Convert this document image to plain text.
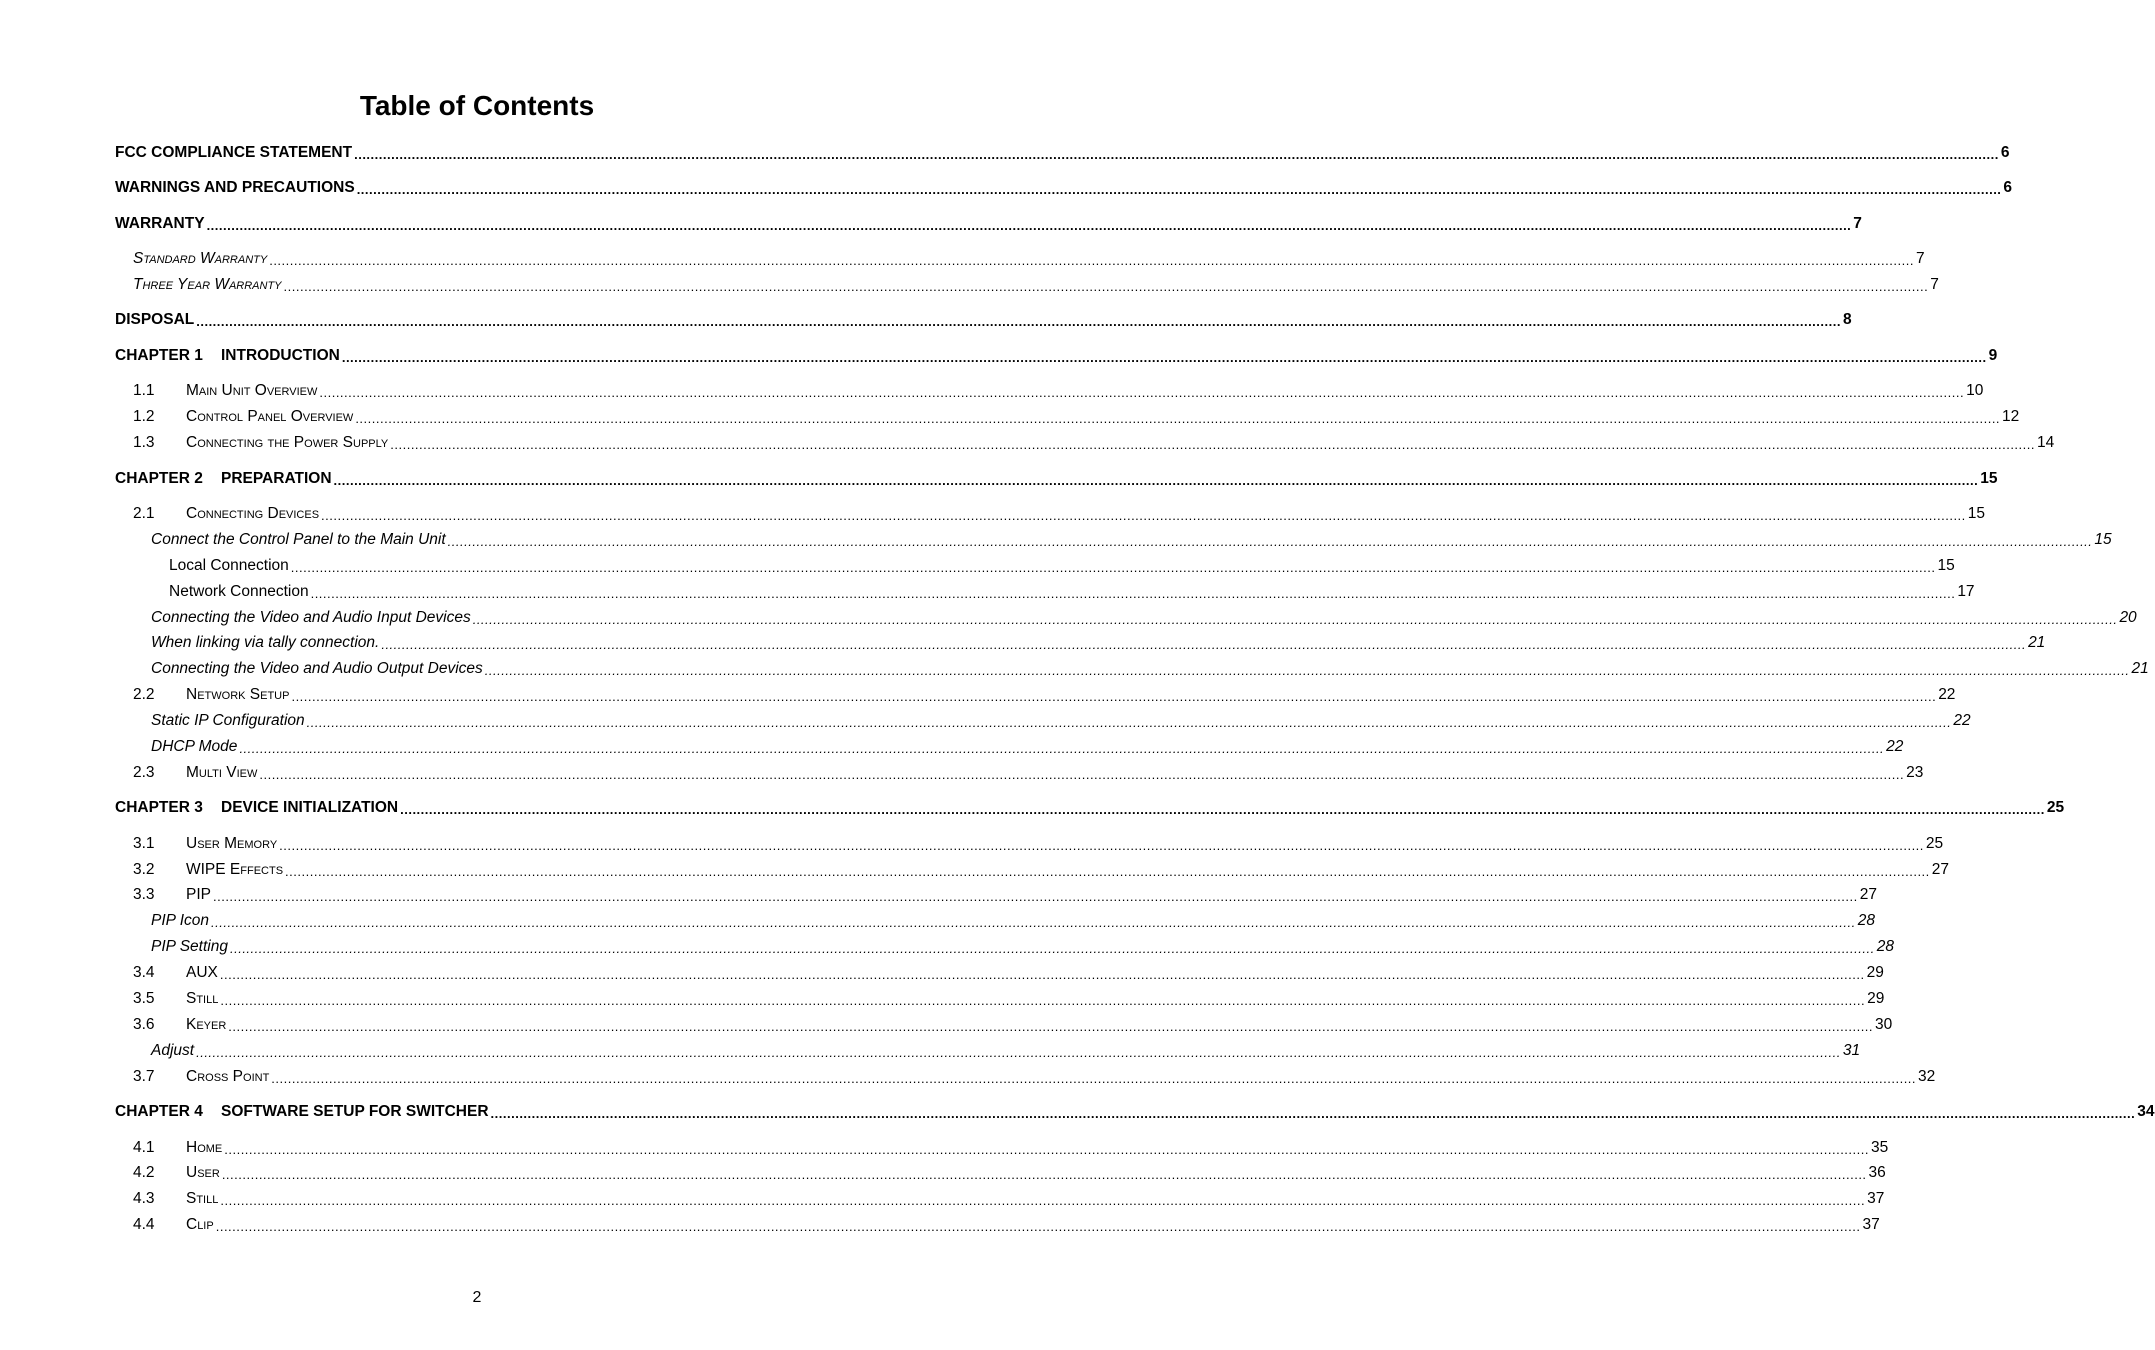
Table of Contents
FCC COMPLIANCE STATEMENT ................................................................................................................................................................................................................................................................................................................................................................................................................ 6
WARNINGS AND PRECAUTIONS ................................................................................................................................................................................................................................................................................................................................................................................................................ 6
WARRANTY ................................................................................................................................................................................................................................................................................................................................................................................................................ 7
Standard Warranty ................................................................................................................................................................................................................................................................................................................................................................................................................ 7
Three Year Warranty ................................................................................................................................................................................................................................................................................................................................................................................................................ 7
DISPOSAL ................................................................................................................................................................................................................................................................................................................................................................................................................ 8
CHAPTER 1	INTRODUCTION ................................................................................................................................................................................................................................................................................................................................................................................................................ 9
1.1	Main Unit Overview ................................................................................................................................................................................................................................................................................................................................................................................................................ 10
1.2	Control Panel Overview ................................................................................................................................................................................................................................................................................................................................................................................................................ 12
1.3	Connecting the Power Supply ................................................................................................................................................................................................................................................................................................................................................................................................................ 14
CHAPTER 2	PREPARATION ................................................................................................................................................................................................................................................................................................................................................................................................................ 15
2.1	Connecting Devices ................................................................................................................................................................................................................................................................................................................................................................................................................ 15
Connect the Control Panel to the Main Unit ................................................................................................................................................................................................................................................................................................................................................................................................................ 15
Local Connection ................................................................................................................................................................................................................................................................................................................................................................................................................ 15
Network Connection ................................................................................................................................................................................................................................................................................................................................................................................................................ 17
Connecting the Video and Audio Input Devices ................................................................................................................................................................................................................................................................................................................................................................................................................ 20
When linking via tally connection. ................................................................................................................................................................................................................................................................................................................................................................................................................ 21
Connecting the Video and Audio Output Devices ................................................................................................................................................................................................................................................................................................................................................................................................................ 21
2.2	Network Setup ................................................................................................................................................................................................................................................................................................................................................................................................................ 22
Static IP Configuration ................................................................................................................................................................................................................................................................................................................................................................................................................ 22
DHCP Mode ................................................................................................................................................................................................................................................................................................................................................................................................................ 22
2.3	Multi View ................................................................................................................................................................................................................................................................................................................................................................................................................ 23
CHAPTER 3	DEVICE INITIALIZATION ................................................................................................................................................................................................................................................................................................................................................................................................................ 25
3.1	User Memory ................................................................................................................................................................................................................................................................................................................................................................................................................ 25
3.2	WIPE Effects ................................................................................................................................................................................................................................................................................................................................................................................................................ 27
3.3	PIP ................................................................................................................................................................................................................................................................................................................................................................................................................ 27
PIP Icon ................................................................................................................................................................................................................................................................................................................................................................................................................ 28
PIP Setting ................................................................................................................................................................................................................................................................................................................................................................................................................ 28
3.4	AUX ................................................................................................................................................................................................................................................................................................................................................................................................................ 29
3.5	Still ................................................................................................................................................................................................................................................................................................................................................................................................................ 29
3.6	Keyer ................................................................................................................................................................................................................................................................................................................................................................................................................ 30
Adjust ................................................................................................................................................................................................................................................................................................................................................................................................................ 31
3.7	Cross Point ................................................................................................................................................................................................................................................................................................................................................................................................................ 32
CHAPTER 4	SOFTWARE SETUP FOR SWITCHER ................................................................................................................................................................................................................................................................................................................................................................................................................ 34
4.1	Home ................................................................................................................................................................................................................................................................................................................................................................................................................ 35
4.2	User ................................................................................................................................................................................................................................................................................................................................................................................................................ 36
4.3	Still ................................................................................................................................................................................................................................................................................................................................................................................................................ 37
4.4	Clip ................................................................................................................................................................................................................................................................................................................................................................................................................ 37
2
